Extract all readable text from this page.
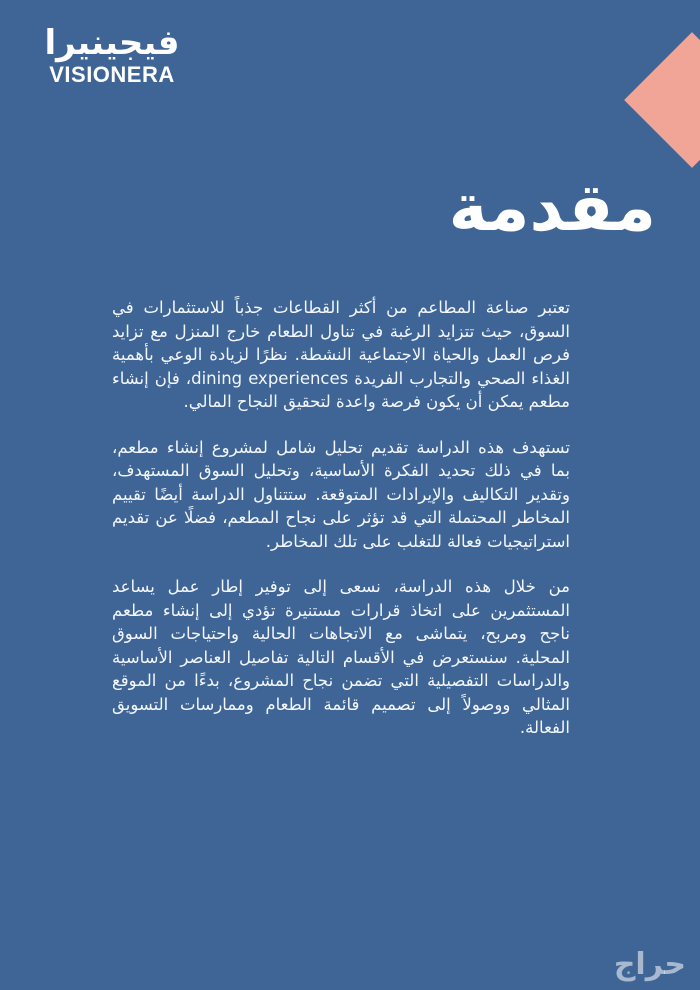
فيجينيرا
VISIONERA
مقدمة

تعتبر صناعة المطاعم من أكثر القطاعات جذباً للاستثمارات في السوق، حيث تتزايد الرغبة في تناول الطعام خارج المنزل مع تزايد فرص العمل والحياة الاجتماعية النشطة. نظرًا لزيادة الوعي بأهمية الغذاء الصحي والتجارب الفريدة dining experiences، فإن إنشاء مطعم يمكن أن يكون فرصة واعدة لتحقيق النجاح المالي.

تستهدف هذه الدراسة تقديم تحليل شامل لمشروع إنشاء مطعم، بما في ذلك تحديد الفكرة الأساسية، وتحليل السوق المستهدف، وتقدير التكاليف والإيرادات المتوقعة. ستتناول الدراسة أيضًا تقييم المخاطر المحتملة التي قد تؤثر على نجاح المطعم، فضلًا عن تقديم استراتيجيات فعالة للتغلب على تلك المخاطر.

من خلال هذه الدراسة، نسعى إلى توفير إطار عمل يساعد المستثمرين على اتخاذ قرارات مستنيرة تؤدي إلى إنشاء مطعم ناجح ومربح، يتماشى مع الاتجاهات الحالية واحتياجات السوق المحلية. سنستعرض في الأقسام التالية تفاصيل العناصر الأساسية والدراسات التفصيلية التي تضمن نجاح المشروع، بدءًا من الموقع المثالي ووصولاً إلى تصميم قائمة الطعام وممارسات التسويق الفعالة.

حراج
